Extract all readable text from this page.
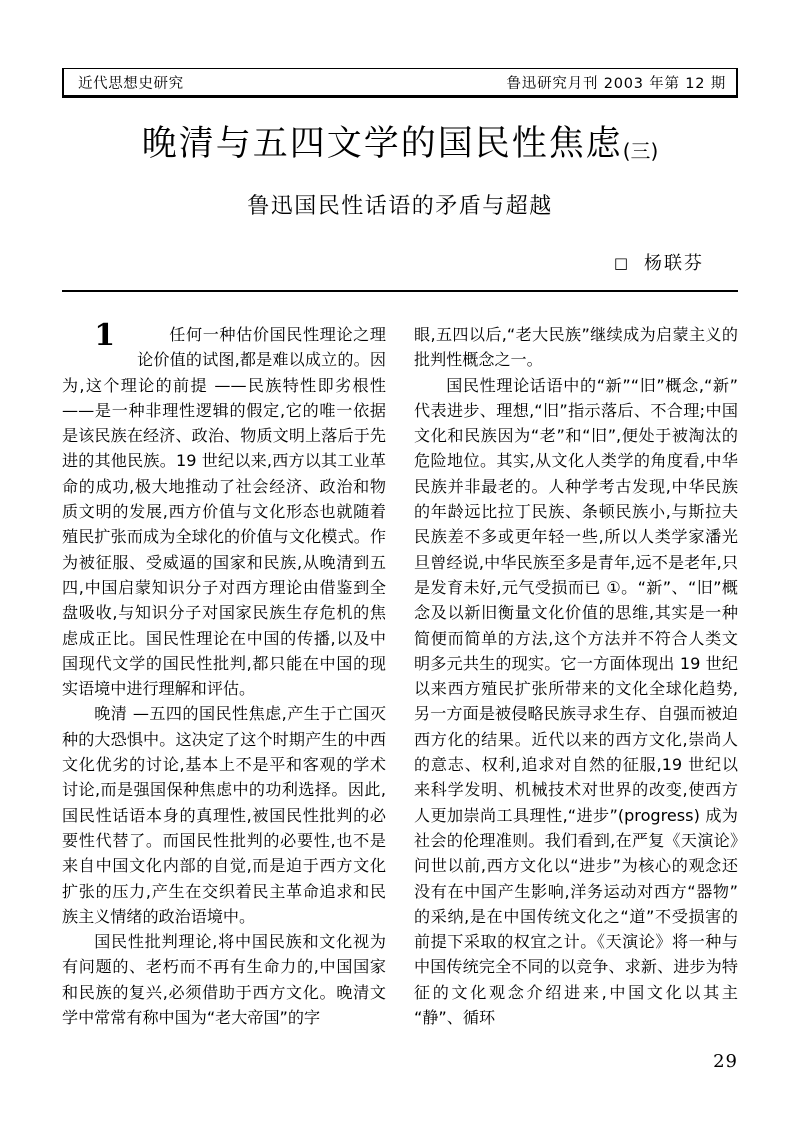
近代思想史研究	鲁迅研究月刊 2003 年第 12 期
晚清与五四文学的国民性焦虑(三)
鲁迅国民性话语的矛盾与超越
□ 杨联芬

1	任何一种估价国民性理论之理论价值的试图,都是难以成立的。因为,这个理论的前提 ——民族特性即劣根性 ——是一种非理性逻辑的假定,它的唯一依据是该民族在经济、政治、物质文明上落后于先进的其他民族。19 世纪以来,西方以其工业革命的成功,极大地推动了社会经济、政治和物质文明的发展,西方价值与文化形态也就随着殖民扩张而成为全球化的价值与文化模式。作为被征服、受威逼的国家和民族,从晚清到五四,中国启蒙知识分子对西方理论由借鉴到全盘吸收,与知识分子对国家民族生存危机的焦虑成正比。国民性理论在中国的传播,以及中国现代文学的国民性批判,都只能在中国的现实语境中进行理解和评估。

晚清 —五四的国民性焦虑,产生于亡国灭种的大恐惧中。这决定了这个时期产生的中西文化优劣的讨论,基本上不是平和客观的学术讨论,而是强国保种焦虑中的功利选择。因此,国民性话语本身的真理性,被国民性批判的必要性代替了。而国民性批判的必要性,也不是来自中国文化内部的自觉,而是迫于西方文化扩张的压力,产生在交织着民主革命追求和民族主义情绪的政治语境中。

国民性批判理论,将中国民族和文化视为有问题的、老朽而不再有生命力的,中国国家和民族的复兴,必须借助于西方文化。晚清文学中常常有称中国为“老大帝国”的字

眼,五四以后,“老大民族”继续成为启蒙主义的批判性概念之一。

国民性理论话语中的“新”“旧”概念,“新”代表进步、理想,“旧”指示落后、不合理;中国文化和民族因为“老”和“旧”,便处于被淘汰的危险地位。其实,从文化人类学的角度看,中华民族并非最老的。人种学考古发现,中华民族的年龄远比拉丁民族、条顿民族小,与斯拉夫民族差不多或更年轻一些,所以人类学家潘光旦曾经说,中华民族至多是青年,远不是老年,只是发育未好,元气受损而已 ①。“新”、“旧”概念及以新旧衡量文化价值的思维,其实是一种简便而简单的方法,这个方法并不符合人类文明多元共生的现实。它一方面体现出 19 世纪以来西方殖民扩张所带来的文化全球化趋势,另一方面是被侵略民族寻求生存、自强而被迫西方化的结果。近代以来的西方文化,崇尚人的意志、权利,追求对自然的征服,19 世纪以来科学发明、机械技术对世界的改变,使西方人更加崇尚工具理性,“进步”(progress) 成为社会的伦理准则。我们看到,在严复《天演论》问世以前,西方文化以“进步”为核心的观念还没有在中国产生影响,洋务运动对西方“器物”的采纳,是在中国传统文化之“道”不受损害的前提下采取的权宜之计。《天演论》将一种与中国传统完全不同的以竞争、求新、进步为特征的文化观念介绍进来,中国文化以其主“静”、循环

29
